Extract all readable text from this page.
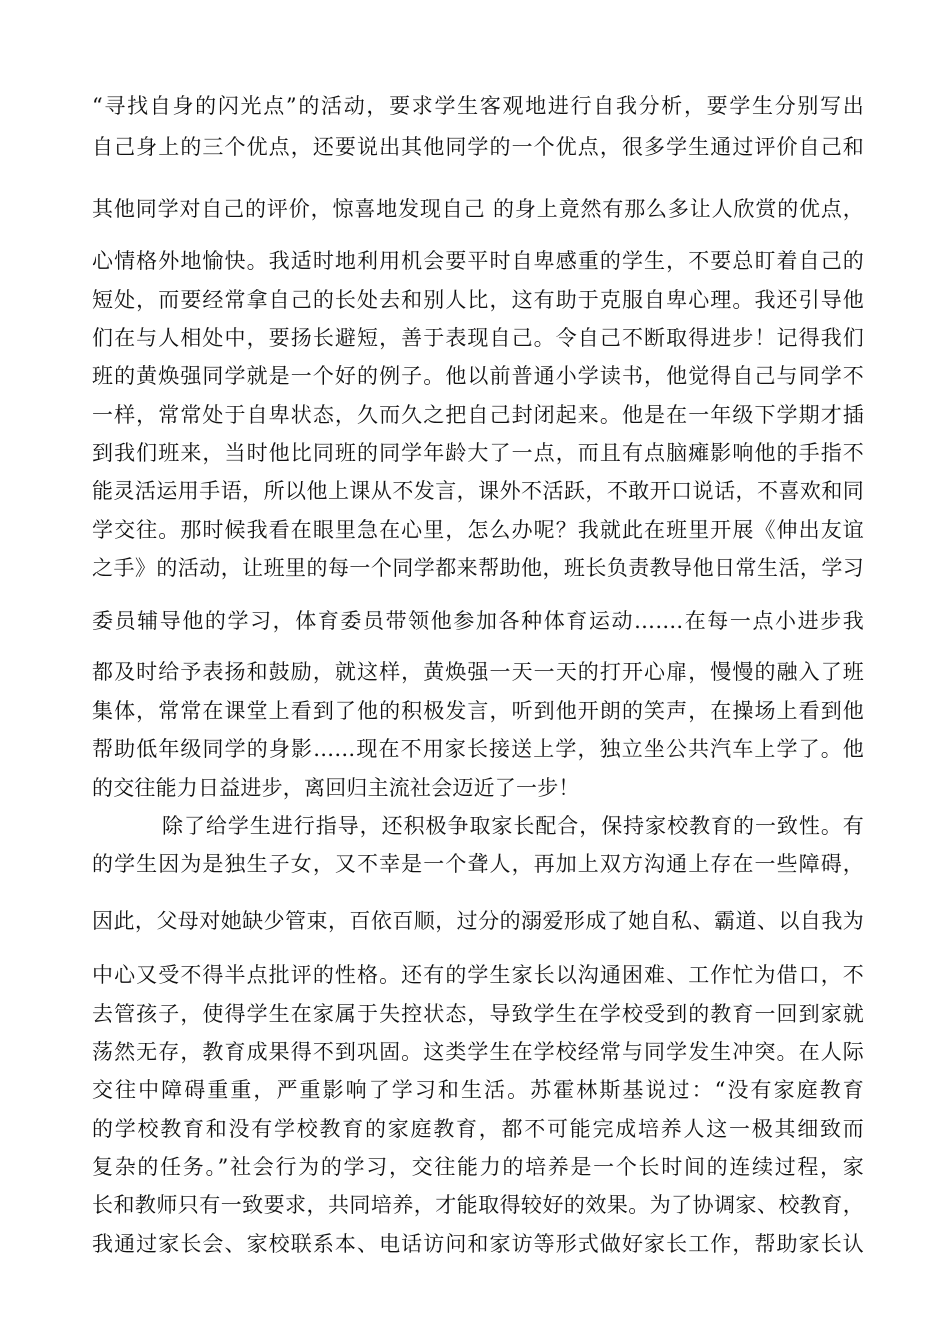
“寻找自身的闪光点”的活动，要求学生客观地进行自我分析，要学生分别写出
自己身上的三个优点，还要说出其他同学的一个优点，很多学生通过评价自己和
其他同学对自己的评价，惊喜地发现自己 的身上竟然有那么多让人欣赏的优点，
心情格外地愉快。我适时地利用机会要平时自卑感重的学生，不要总盯着自己的
短处，而要经常拿自己的长处去和别人比，这有助于克服自卑心理。我还引导他
们在与人相处中，要扬长避短，善于表现自己。令自己不断取得进步！记得我们
班的黄焕强同学就是一个好的例子。他以前普通小学读书，他觉得自己与同学不
一样，常常处于自卑状态，久而久之把自己封闭起来。他是在一年级下学期才插
到我们班来，当时他比同班的同学年龄大了一点，而且有点脑瘫影响他的手指不
能灵活运用手语，所以他上课从不发言，课外不活跃，不敢开口说话，不喜欢和同
学交往。那时候我看在眼里急在心里，怎么办呢？我就此在班里开展《伸出友谊
之手》的活动，让班里的每一个同学都来帮助他，班长负责教导他日常生活，学习
委员辅导他的学习，体育委员带领他参加各种体育运动…….在每一点小进步我
都及时给予表扬和鼓励，就这样，黄焕强一天一天的打开心扉，慢慢的融入了班
集体，常常在课堂上看到了他的积极发言，听到他开朗的笑声，在操场上看到他
帮助低年级同学的身影……现在不用家长接送上学，独立坐公共汽车上学了。他
的交往能力日益进步，离回归主流社会迈近了一步！
除了给学生进行指导，还积极争取家长配合，保持家校教育的一致性。有
的学生因为是独生子女，又不幸是一个聋人，再加上双方沟通上存在一些障碍，
因此，父母对她缺少管束，百依百顺，过分的溺爱形成了她自私、霸道、以自我为
中心又受不得半点批评的性格。还有的学生家长以沟通困难、工作忙为借口，不
去管孩子，使得学生在家属于失控状态，导致学生在学校受到的教育一回到家就
荡然无存，教育成果得不到巩固。这类学生在学校经常与同学发生冲突。在人际
交往中障碍重重，严重影响了学习和生活。苏霍林斯基说过：“没有家庭教育
的学校教育和没有学校教育的家庭教育，都不可能完成培养人这一极其细致而
复杂的任务。”社会行为的学习，交往能力的培养是一个长时间的连续过程，家
长和教师只有一致要求，共同培养，才能取得较好的效果。为了协调家、校教育，
我通过家长会、家校联系本、电话访问和家访等形式做好家长工作，帮助家长认
